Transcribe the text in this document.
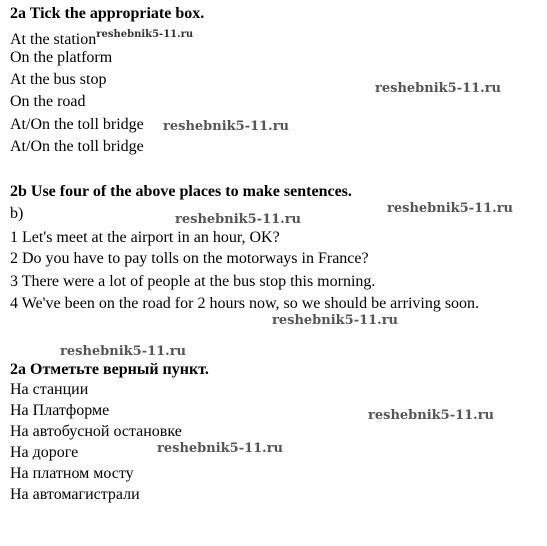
2a Tick the appropriate box.
At the station$^{reshebnik5-11.ru}$
On the platform
At the bus stop
On the road
At/On the toll bridge
At/On the toll bridge
2b Use four of the above places to make sentences.
b)
1 Let's meet at the airport in an hour, OK?
2 Do you have to pay tolls on the motorways in France?
3 There were a lot of people at the bus stop this morning.
4 We've been on the road for 2 hours now, so we should be arriving soon.
2a Отметьте верный пункт.
На станции
На Платформе
На автобусной остановке
На дороге
На платном мосту
На автомагистрали
reshebnik5-11.ru
reshebnik5-11.ru
reshebnik5-11.ru
reshebnik5-11.ru
reshebnik5-11.ru
reshebnik5-11.ru
reshebnik5-11.ru
reshebnik5-11.ru
